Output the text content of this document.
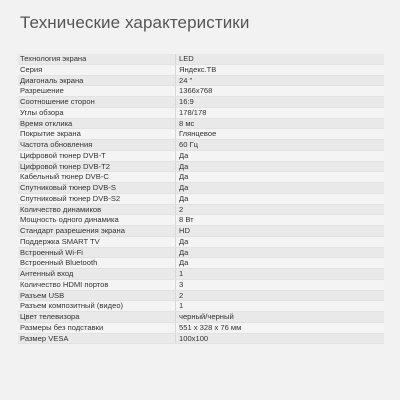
Технические характеристики
Технология экрана	LED
Серия	Яндекс.ТВ
Диагональ экрана	24 "
Разрешение	1366x768
Соотношение сторон	16:9
Углы обзора	178/178
Время отклика	8 мс
Покрытие экрана	Глянцевое
Частота обновления	60 Гц
Цифровой тюнер DVB-T	Да
Цифровой тюнер DVB-T2	Да
Кабельный тюнер DVB-C	Да
Спутниковый тюнер DVB-S	Да
Спутниковый тюнер DVB-S2	Да
Количество динамиков	2
Мощность одного динамика	8 Вт
Стандарт разрешения экрана	HD
Поддержка SMART TV	Да
Встроенный Wi-Fi	Да
Встроенный Bluetooth	Да
Антенный вход	1
Количество HDMI портов	3
Разъем USB	2
Разъем композитный (видео)	1
Цвет телевизора	черный/черный
Размеры без подставки	551 x 328 x 76 мм
Размер VESA	100x100
